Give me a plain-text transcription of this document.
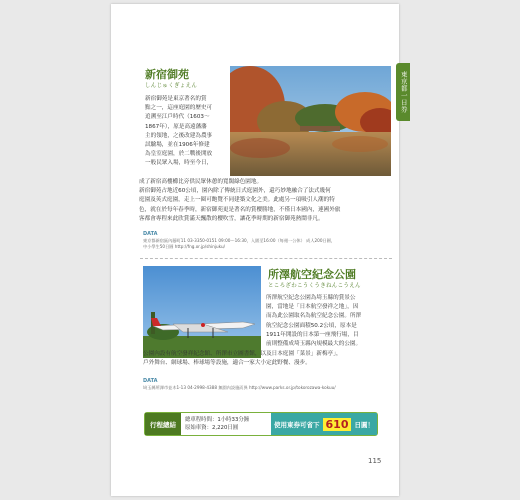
東京都一日券
新宿御苑
しんじゅくぎょえん
新宿御苑是東京著名的賞
點之一，這座庭園的歷史可
追溯至江戶時代（1603～
1867年），原是高遠藩藩
主的領地，之後改建為農事
試驗場，並在1906年修建
為皇室庭園，於二戰後開放
一般民眾入場，時至今日，
成了新宿高樓櫛比旁供民眾休憩的寬闊綠色園地。
新宿御苑占地近60公頃，園內除了傳統日式庭園外，還巧妙地融合了法式幾何
庭園及英式庭園，走上一圈可飽覽不同建築文化之美。此處另一項吸引人潮的特
色，就在於每年春季時，新宿御苑更是著名的賞櫻勝地，不僅日本國內，連國外旅
客都會專程來此欣賞滿天飄散的櫻吹雪，讓花季時期的新宿御苑熱鬧非凡。
DATA
東京都新宿區內藤町11 03-3350-0151 09:00～16:30，入園至16:00（每週一公休） 成人200日圓，
中小學生50日圓 http://fng.or.jp/shinjuku/
所澤航空紀念公園
ところざわこうくうきねんこうえん
所澤航空紀念公園為埼玉縣的賞景公
園，當地是「日本航空發祥之地」，因
而為此公園取名為航空紀念公園。所澤
航空紀念公園面積50.2公頃，原本是
1911年開設的日本第一座飛行場，目
前則整備成埼玉縣內規模最大的公園。
公園內設有航空發祥紀念館、所澤市立圖書館，以及日本庭園「菜景」新梅亭」，
戶外舞台、網球場、棒球場等設施，適合一家大小定此野餐、漫步。
DATA
埼玉縣所澤市並木1-13 04-2998-4388 無園內設施而異 http://www.parks.or.jp/tokorozawa-kokuu/
行程總結
總車程時間：1小時33分鐘
原始車資：2,220日圓	使用東券可省下 610 日圓！
115
